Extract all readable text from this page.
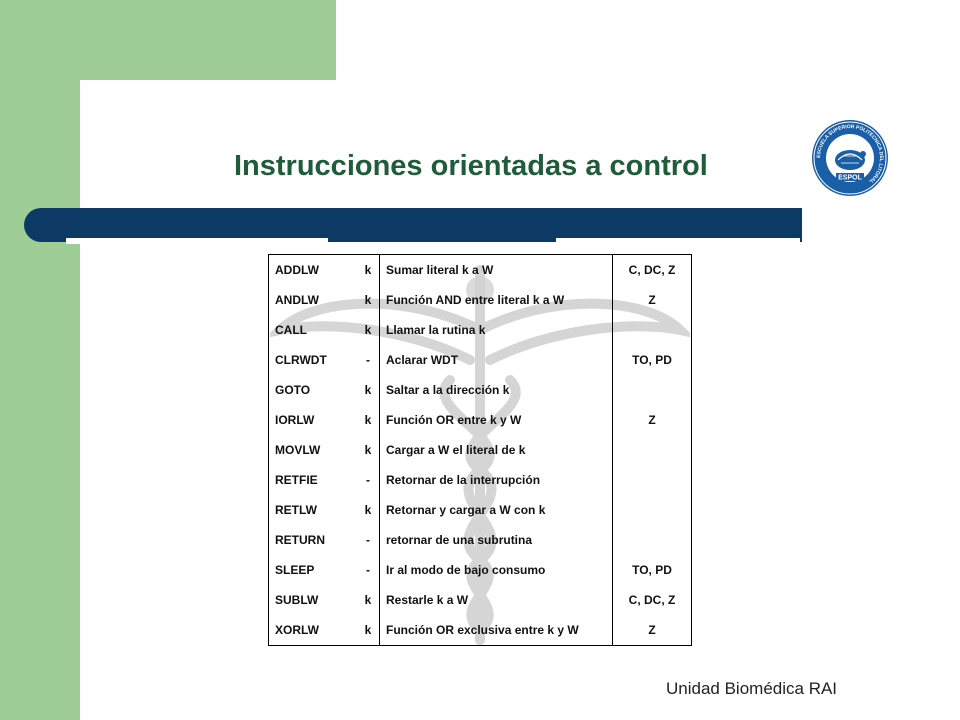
Instrucciones orientadas a control	ESCUELA SUPERIOR POLITECNICA DEL LITORAL
ESPOL
ADDLW	k	Sumar literal k a W	C, DC, Z
ANDLW	k	Función AND entre literal k a W	Z
CALL	k	Llamar la rutina k	
CLRWDT	-	Aclarar WDT	TO, PD
GOTO	k	Saltar a la dirección k	
IORLW	k	Función OR entre k y W	Z
MOVLW	k	Cargar a W el literal de k	
RETFIE	-	Retornar de la interrupción	
RETLW	k	Retornar y cargar a W con k	
RETURN	-	retornar de una subrutina	
SLEEP	-	Ir al modo de bajo consumo	TO, PD
SUBLW	k	Restarle k a W	C, DC, Z
XORLW	k	Función OR exclusiva entre k y W	Z
Unidad Biomédica RAI
